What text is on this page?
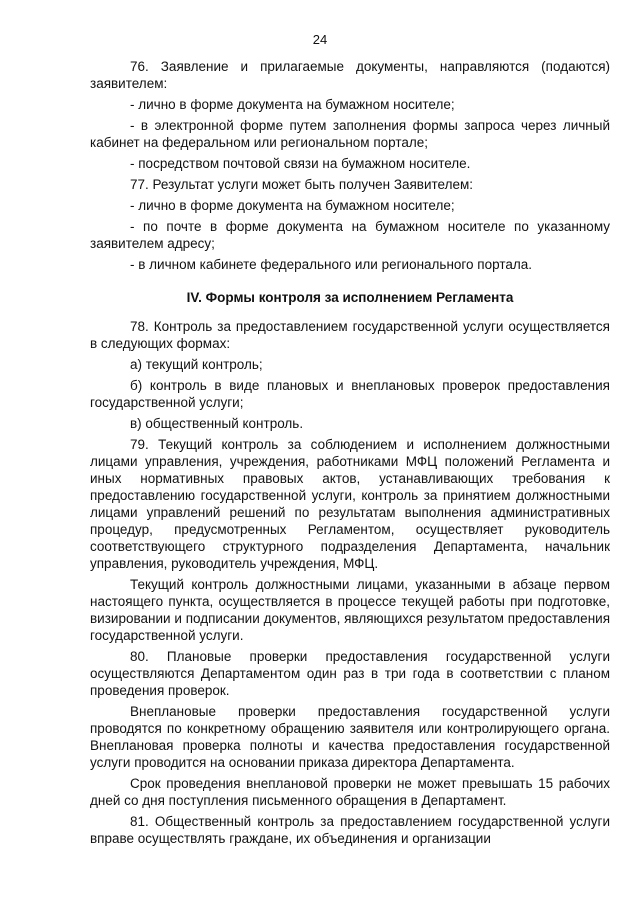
24

76. Заявление и прилагаемые документы, направляются (подаются) заявителем:

- лично в форме документа на бумажном носителе;

- в электронной форме путем заполнения формы запроса через личный кабинет на федеральном или региональном портале;

- посредством почтовой связи на бумажном носителе.

77. Результат услуги может быть получен Заявителем:

- лично в форме документа на бумажном носителе;

- по почте в форме документа на бумажном носителе по указанному заявителем адресу;

- в личном кабинете федерального или регионального портала.

IV. Формы контроля за исполнением Регламента

78. Контроль за предоставлением государственной услуги осуществляется в следующих формах:

а) текущий контроль;

б) контроль в виде плановых и внеплановых проверок предоставления государственной услуги;

в) общественный контроль.

79. Текущий контроль за соблюдением и исполнением должностными лицами управления, учреждения, работниками МФЦ положений Регламента и иных нормативных правовых актов, устанавливающих требования к предоставлению государственной услуги, контроль за принятием должностными лицами управлений решений по результатам выполнения административных процедур, предусмотренных Регламентом, осуществляет руководитель соответствующего структурного подразделения Департамента, начальник управления, руководитель учреждения, МФЦ.

Текущий контроль должностными лицами, указанными в абзаце первом настоящего пункта, осуществляется в процессе текущей работы при подготовке, визировании и подписании документов, являющихся результатом предоставления государственной услуги.

80. Плановые проверки предоставления государственной услуги осуществляются Департаментом один раз в три года в соответствии с планом проведения проверок.

Внеплановые проверки предоставления государственной услуги проводятся по конкретному обращению заявителя или контролирующего органа. Внеплановая проверка полноты и качества предоставления государственной услуги проводится на основании приказа директора Департамента.

Срок проведения внеплановой проверки не может превышать 15 рабочих дней со дня поступления письменного обращения в Департамент.

81. Общественный контроль за предоставлением государственной услуги вправе осуществлять граждане, их объединения и организации
